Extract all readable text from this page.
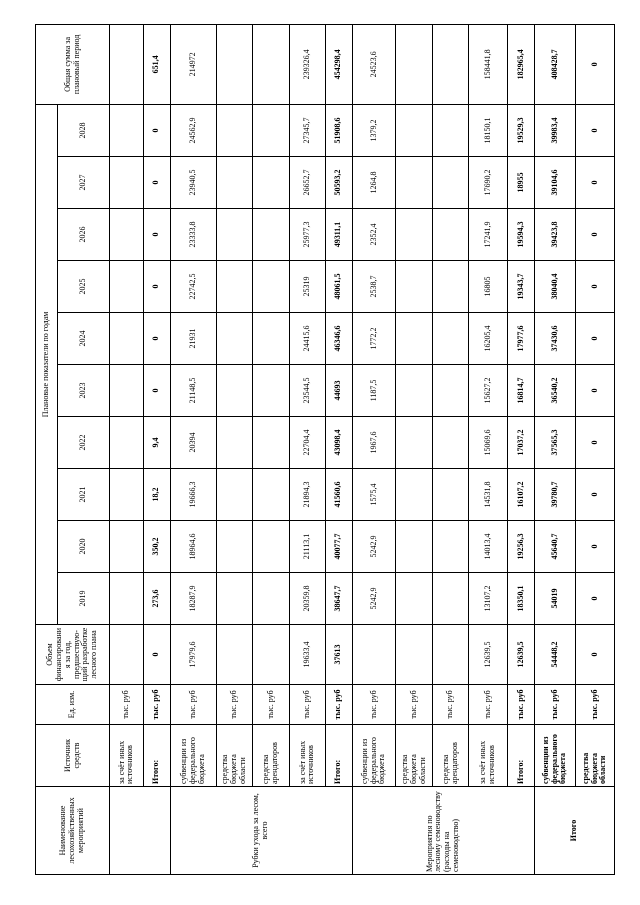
Наименование лесохозяйственных мероприятий	Источник средств	Ед. изм.	Объем финансировани я за год, предшествую-щий разработке лесного плана	Плановые показатели по годам										Общая сумма за плановый период
				2019	2020	2021	2022	2023	2024	2025	2026	2027	2028	
	за счёт иных источников	тыс. руб												
	Итого:	тыс. руб	0	273,6	350,2	18,2	9,4	0	0	0	0	0	0	651,4
Рубки ухода за лесом, всего	субвенции из федерального бюджета	тыс. руб	17979,6	18287,9	18964,6	19666,3	20394	21148,5	21931	22742,5	23333,8	23940,5	24562,9	214972
	средства бюджета области	тыс. руб												
	средства арендаторов	тыс. руб												
	за счёт иных источников	тыс. руб	19633,4	20359,8	21113,1	21894,3	22704,4	23544,5	24415,6	25319	25977,3	26652,7	27345,7	239326,4
	Итого:	тыс. руб	37613	38647,7	40077,7	41560,6	43098,4	44693	46346,6	48061,5	49311,1	50593,2	51908,6	454298,4
Мероприятия по лесному семеноводству (расходы на семеноводство)	субвенции из федерального бюджета	тыс. руб		5242,9	5242,9	1575,4	1967,6	1187,5	1772,2	2538,7	2352,4	1264,8	1379,2	24523,6
	средства бюджета области	тыс. руб												
	средства арендаторов	тыс. руб												
	за счёт иных источников	тыс. руб	12639,5	13107,2	14013,4	14531,8	15069,6	15627,2	16205,4	16805	17241,9	17690,2	18150,1	158441,8
	Итого:	тыс. руб	12639,5	18350,1	19256,3	16107,2	17037,2	16814,7	17977,6	19343,7	19594,3	18955	19529,3	182965,4
Итого	субвенции из федерального бюджета	тыс. руб	54448,2	54019	45640,7	39780,7	37565,3	36540,2	37430,6	38040,4	39423,8	39104,6	39983,4	408428,7
	средства бюджета области	тыс. руб	0	0	0	0	0	0	0	0	0	0	0	0
